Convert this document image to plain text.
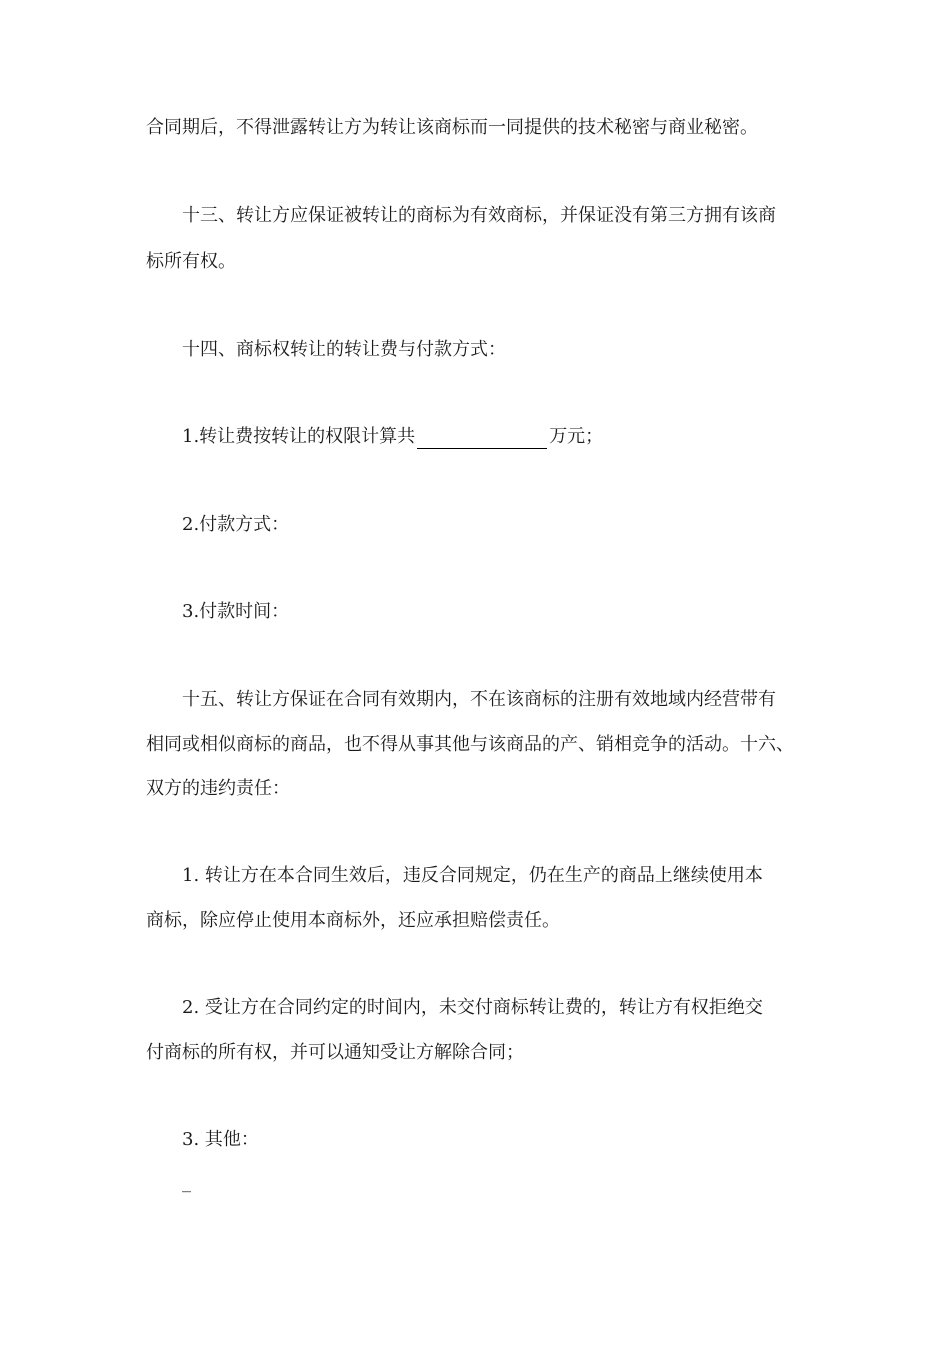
合同期后，不得泄露转让方为转让该商标而一同提供的技术秘密与商业秘密。
十三、转让方应保证被转让的商标为有效商标，并保证没有第三方拥有该商
标所有权。
十四、商标权转让的转让费与付款方式：
1.转让费按转让的权限计算共	万元；
2.付款方式：
3.付款时间：
十五、转让方保证在合同有效期内，不在该商标的注册有效地域内经营带有
相同或相似商标的商品，也不得从事其他与该商品的产、销相竞争的活动。十六、
双方的违约责任：
1. 转让方在本合同生效后，违反合同规定，仍在生产的商品上继续使用本
商标，除应停止使用本商标外，还应承担赔偿责任。
2. 受让方在合同约定的时间内，未交付商标转让费的，转让方有权拒绝交
付商标的所有权，并可以通知受让方解除合同；
3. 其他：
_
